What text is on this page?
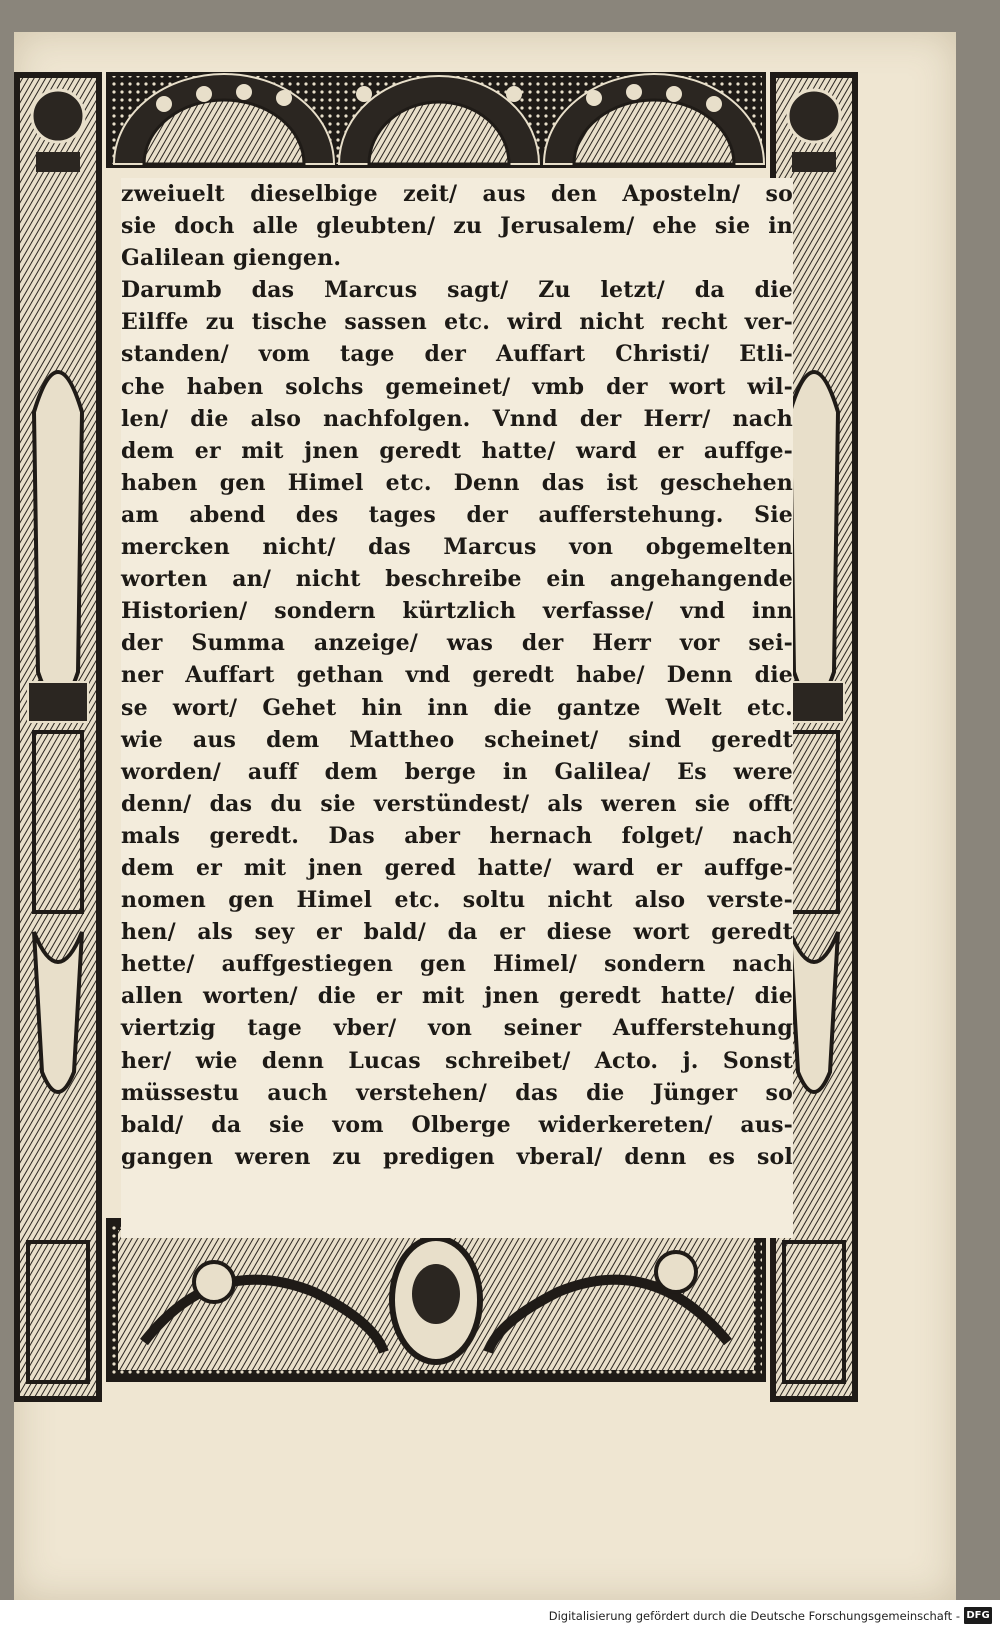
zweiuelt dieselbige zeit/ aus den Aposteln/ so

sie doch alle gleubten/ zu Jerusalem/ ehe sie in

Galilean giengen.

Darumb das Marcus sagt/ Zu letzt/ da die

Eilffe zu tische sassen etc. wird nicht recht ver-

standen/ vom tage der Auffart Christi/ Etli-

che haben solchs gemeinet/ vmb der wort wil-

len/ die also nachfolgen. Vnnd der Herr/ nach

dem er mit jnen geredt hatte/ ward er auffge-

haben gen Himel etc. Denn das ist geschehen

am abend des tages der aufferstehung. Sie

mercken nicht/ das Marcus von obgemelten

worten an/ nicht beschreibe ein angehangende

Historien/ sondern kürtzlich verfasse/ vnd inn

der Summa anzeige/ was der Herr vor sei-

ner Auffart gethan vnd geredt habe/ Denn die

se wort/ Gehet hin inn die gantze Welt etc.

wie aus dem Mattheo scheinet/ sind geredt

worden/ auff dem berge in Galilea/ Es were

denn/ das du sie verstündest/ als weren sie offt

mals geredt. Das aber hernach folget/ nach

dem er mit jnen gered hatte/ ward er auffge-

nomen gen Himel etc. soltu nicht also verste-

hen/ als sey er bald/ da er diese wort geredt

hette/ auffgestiegen gen Himel/ sondern nach

allen worten/ die er mit jnen geredt hatte/ die

viertzig tage vber/ von seiner Aufferstehung

her/ wie denn Lucas schreibet/ Acto. j. Sonst

müssestu auch verstehen/ das die Jünger so

bald/ da sie vom Olberge widerkereten/ aus-

gangen weren zu predigen vberal/ denn es sol

Digitalisierung gefördert durch die Deutsche Forschungsgemeinschaft - DFG
